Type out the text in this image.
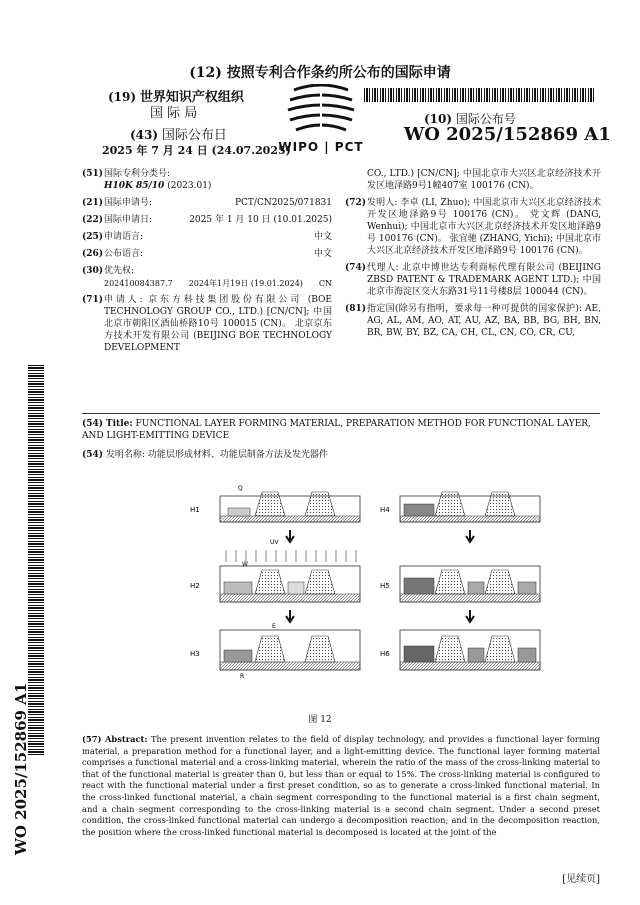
(12) 按照专利合作条约所公布的国际申请
(19) 世界知识产权组织
国 际 局
(43) 国际公布日
2025 年 7 月 24 日 (24.07.2025)
WIPO | PCT
(10) 国际公布号
WO 2025/152869 A1
WO 2025/152869 A1
(51)国际专利分类号:
H10K 85/10 (2023.01)
(21)国际申请号:	PCT/CN2025/071831
(22)国际申请日:	2025 年 1 月 10 日 (10.01.2025)
(25)申请语言:	中文
(26)公布语言:	中文
(30)优先权:
202410084387.7 2024年1月19日 (19.01.2024) CN
(71) 申请人: 京东方科技集团股份有限公司 (BOE TECHNOLOGY GROUP CO., LTD.) [CN/CN]; 中国北京市朝阳区酒仙桥路10号 100015 (CN)。 北京京东方技术开发有限公司 (BEIJING BOE TECHNOLOGY DEVELOPMENT
CO., LTD.) [CN/CN]; 中国北京市大兴区北京经济技术开发区地泽路9号1幢407室 100176 (CN)。
(72) 发明人: 李卓 (LI, Zhuo); 中国北京市大兴区北京经济技术开发区地泽路9号 100176 (CN)。 党文辉 (DANG, Wenhui); 中国北京市大兴区北京经济技术开发区地泽路9号 100176 (CN)。 张宜驰 (ZHANG, Yichi); 中国北京市大兴区北京经济技术开发区地泽路9号 100176 (CN)。
(74) 代理人: 北京中博世达专利商标代理有限公司 (BEIJING ZBSD PATENT & TRADEMARK AGENT LTD.); 中国北京市海淀区交大东路31号11号楼8层 100044 (CN)。
(81) 指定国(除另有指明，要求每一种可提供的国家保护): AE, AG, AL, AM, AO, AT, AU, AZ, BA, BB, BG, BH, BN, BR, BW, BY, BZ, CA, CH, CL, CN, CO, CR, CU,
(54) Title: FUNCTIONAL LAYER FORMING MATERIAL, PREPARATION METHOD FOR FUNCTIONAL LAYER, AND LIGHT-EMITTING DEVICE
(54) 发明名称: 功能层形成材料、功能层制备方法及发光器件
H1
H2
H3
H4
H5
H6
Q
UV
W
E
R
图 12
(57) Abstract: The present invention relates to the field of display technology, and provides a functional layer forming material, a preparation method for a functional layer, and a light-emitting device. The functional layer forming material comprises a functional material and a cross-linking material, wherein the ratio of the mass of the cross-linking material to that of the functional material is greater than 0, but less than or equal to 15%. The cross-linking material is configured to react with the functional material under a first preset condition, so as to generate a cross-linked functional material. In the cross-linked functional material, a chain segment corresponding to the functional material is a first chain segment, and a chain segment corresponding to the cross-linking material is a second chain segment. Under a second preset condition, the cross-linked functional material can undergo a decomposition reaction; and in the decomposition reaction, the position where the cross-linked functional material is decomposed is located at the joint of the
[见续页]
